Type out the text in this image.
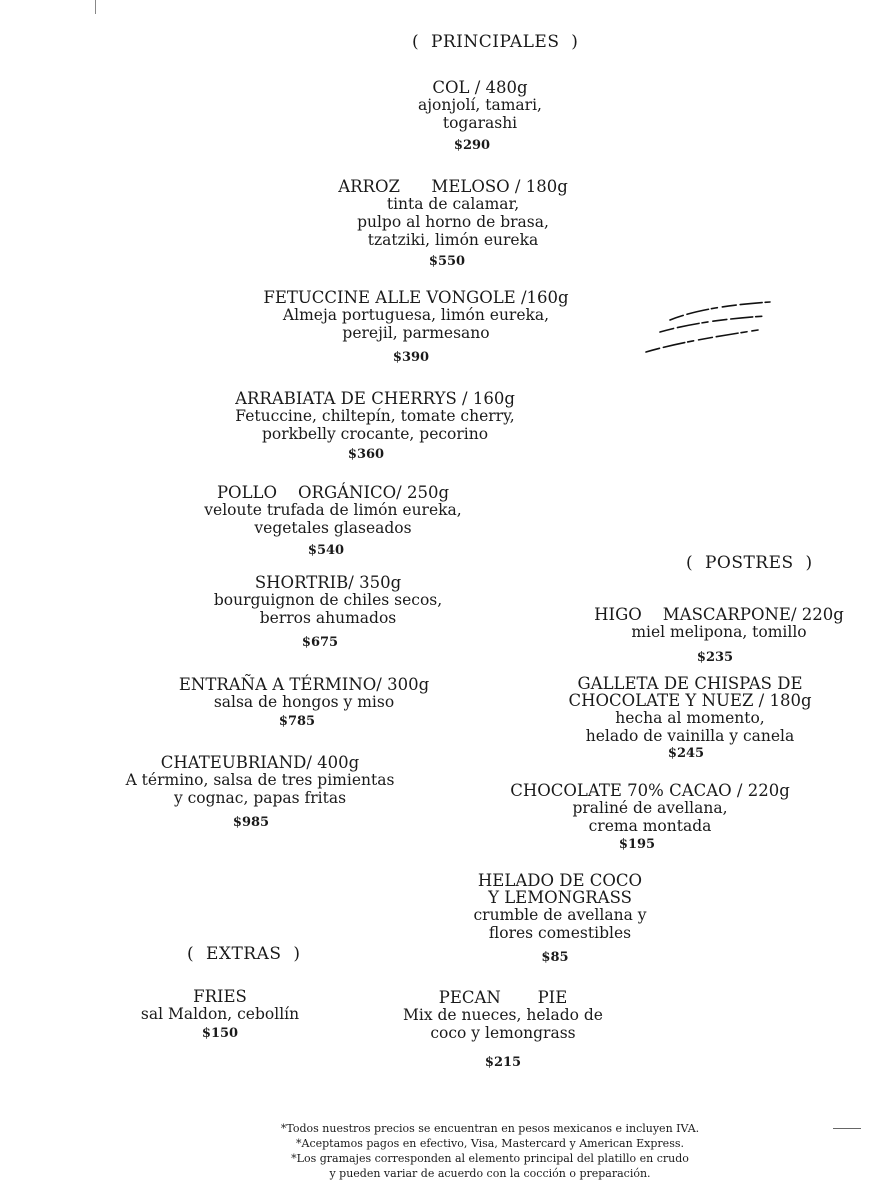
(  PRINCIPALES  )
(  POSTRES  )
(  EXTRAS  )
COL / 480g
ajonjolí, tamari,
togarashi
$290
ARROZ      MELOSO / 180g
tinta de calamar,
pulpo al horno de brasa,
tzatziki, limón eureka
$550
FETUCCINE ALLE VONGOLE /160g
Almeja portuguesa, limón eureka,
perejil, parmesano
$390
ARRABIATA DE CHERRYS / 160g
Fetuccine, chiltepín, tomate cherry,
porkbelly crocante, pecorino
$360
POLLO    ORGÁNICO/ 250g
veloute trufada de limón eureka,
vegetales glaseados
$540
SHORTRIB/ 350g
bourguignon de chiles secos,
berros ahumados
$675
ENTRAÑA A TÉRMINO/ 300g
salsa de hongos y miso
$785
CHATEUBRIAND/ 400g
A término, salsa de tres pimientas
y cognac, papas fritas
$985
HIGO    MASCARPONE/ 220g
miel melipona, tomillo
$235
GALLETA DE CHISPAS DE
CHOCOLATE Y NUEZ / 180g
hecha al momento,
helado de vainilla y canela
$245
CHOCOLATE 70% CACAO / 220g
praliné de avellana,
crema montada
$195
HELADO DE COCO
Y LEMONGRASS
crumble de avellana y
flores comestibles
$85
FRIES
sal Maldon, cebollín
$150
PECAN       PIE
Mix de nueces, helado de
coco y lemongrass
$215
*Todos nuestros precios se encuentran en pesos mexicanos e incluyen IVA.
*Aceptamos pagos en efectivo, Visa, Mastercard y American Express.
*Los gramajes corresponden al elemento principal del platillo en crudo
y pueden variar de acuerdo con la cocción o preparación.
